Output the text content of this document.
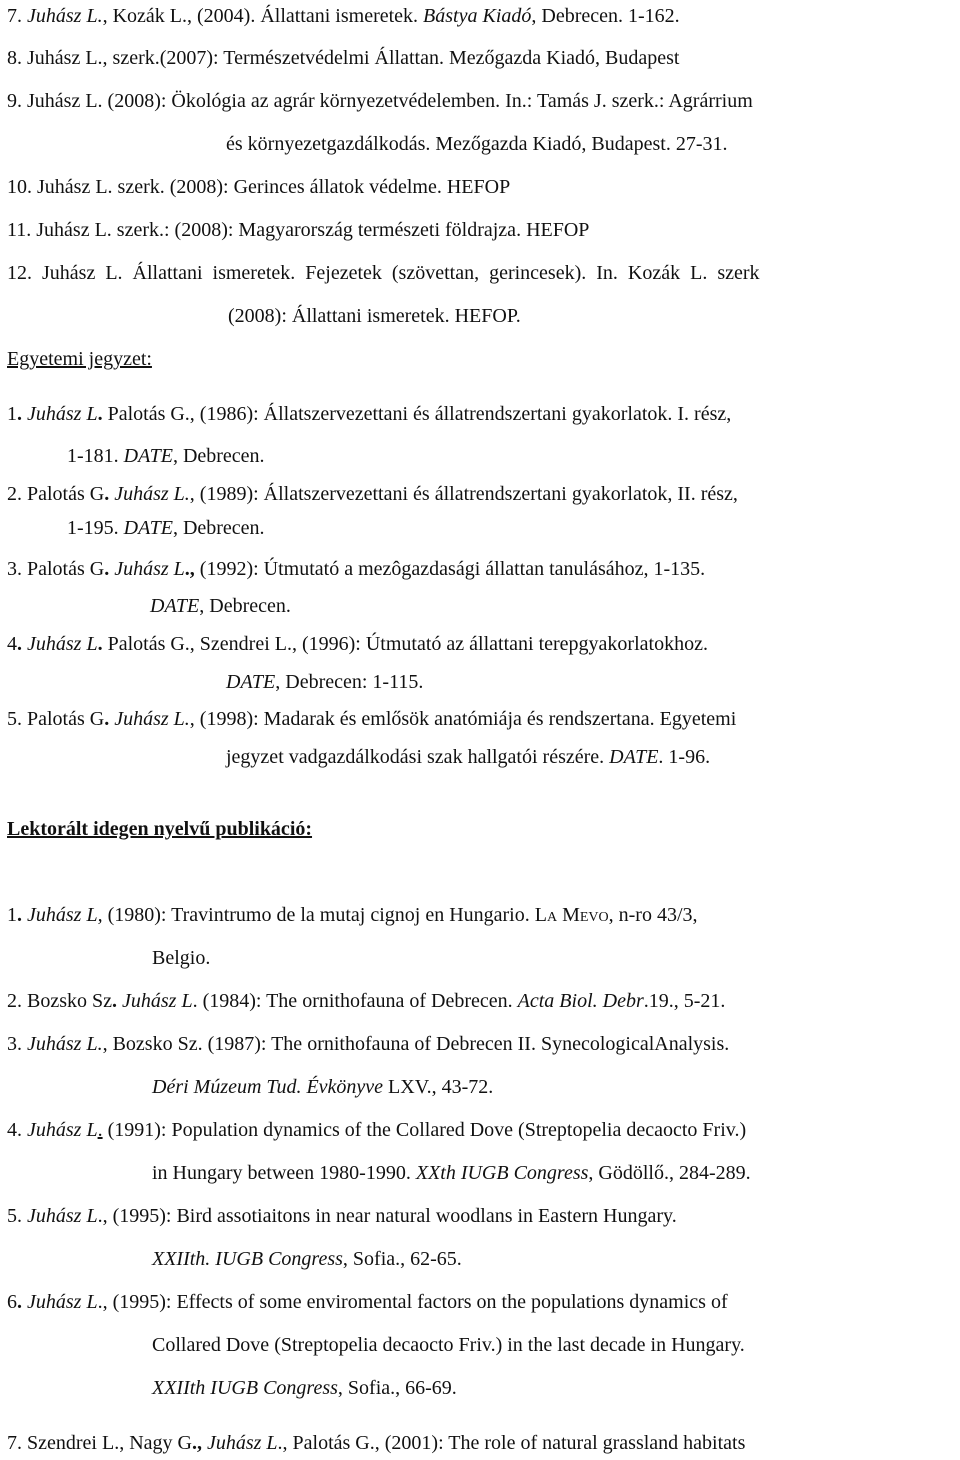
7. Juhász L., Kozák L., (2004). Állattani ismeretek. Bástya Kiadó, Debrecen. 1-162.
8. Juhász L., szerk.(2007): Természetvédelmi Állattan. Mezőgazda Kiadó, Budapest
9. Juhász L. (2008): Ökológia az agrár környezetvédelemben. In.: Tamás J. szerk.: Agrárrium
és környezetgazdálkodás. Mezőgazda Kiadó, Budapest. 27-31.
10. Juhász L. szerk. (2008): Gerinces állatok védelme. HEFOP
11. Juhász L. szerk.: (2008): Magyarország természeti földrajza. HEFOP
12.  Juhász  L.  Állattani  ismeretek.  Fejezetek  (szövettan,  gerincesek).  In.  Kozák  L.  szerk
(2008): Állattani ismeretek. HEFOP.
Egyetemi jegyzet:
1. Juhász L. Palotás G., (1986): Állatszervezettani és állatrendszertani gyakorlatok. I. rész,
1-181. DATE, Debrecen.
2. Palotás G. Juhász L., (1989): Állatszervezettani és állatrendszertani gyakorlatok, II. rész,
1-195. DATE, Debrecen.
3. Palotás G. Juhász L., (1992): Útmutató a mezôgazdasági állattan tanulásához, 1-135.
DATE, Debrecen.
4. Juhász L. Palotás G., Szendrei L., (1996): Útmutató az állattani terepgyakorlatokhoz.
DATE, Debrecen: 1-115.
5. Palotás G. Juhász L., (1998): Madarak és emlősök anatómiája és rendszertana. Egyetemi
jegyzet vadgazdálkodási szak hallgatói részére. DATE. 1-96.
Lektorált idegen nyelvű publikáció:
1. Juhász L, (1980): Travintrumo de la mutaj cignoj en Hungario. La Mevo, n-ro 43/3,
Belgio.
2. Bozsko Sz. Juhász L. (1984): The ornithofauna of Debrecen. Acta Biol. Debr.19., 5-21.
3. Juhász L., Bozsko Sz. (1987): The ornithofauna of Debrecen II. SynecologicalAnalysis.
Déri Múzeum Tud. Évkönyve LXV., 43-72.
4. Juhász L. (1991): Population dynamics of the Collared Dove (Streptopelia decaocto Friv.)
in Hungary between 1980-1990. XXth IUGB Congress, Gödöllő., 284-289.
5. Juhász L., (1995): Bird assotiaitons in near natural woodlans in Eastern Hungary.
XXIIth. IUGB Congress, Sofia., 62-65.
6. Juhász L., (1995): Effects of some enviromental factors on the populations dynamics of
Collared Dove (Streptopelia decaocto Friv.) in the last decade in Hungary.
XXIIth IUGB Congress, Sofia., 66-69.
7. Szendrei L., Nagy G., Juhász L., Palotás G., (2001): The role of natural grassland habitats
